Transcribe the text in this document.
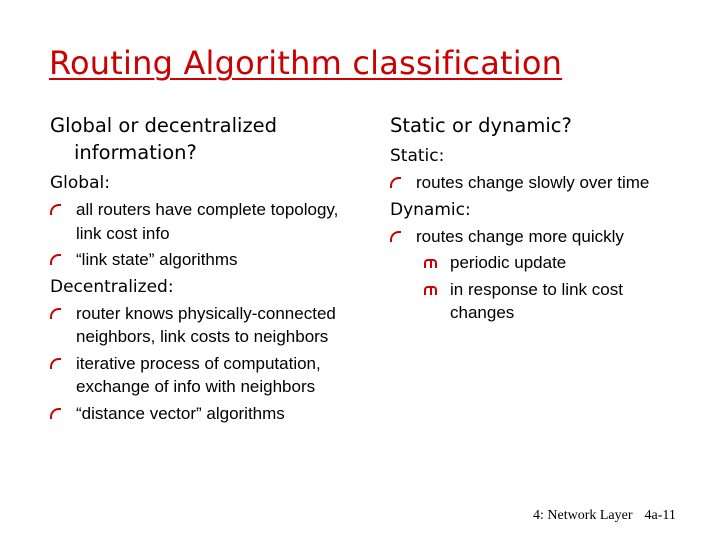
Routing Algorithm classification
Global or decentralized information?
Global:
all routers have complete topology, link cost info
“link state” algorithms
Decentralized:
router knows physically-connected neighbors, link costs to neighbors
iterative process of computation, exchange of info with neighbors
“distance vector” algorithms
Static or dynamic?
Static:
routes change slowly over time
Dynamic:
routes change more quickly
periodic update
in response to link cost changes
4: Network Layer 4a-11
